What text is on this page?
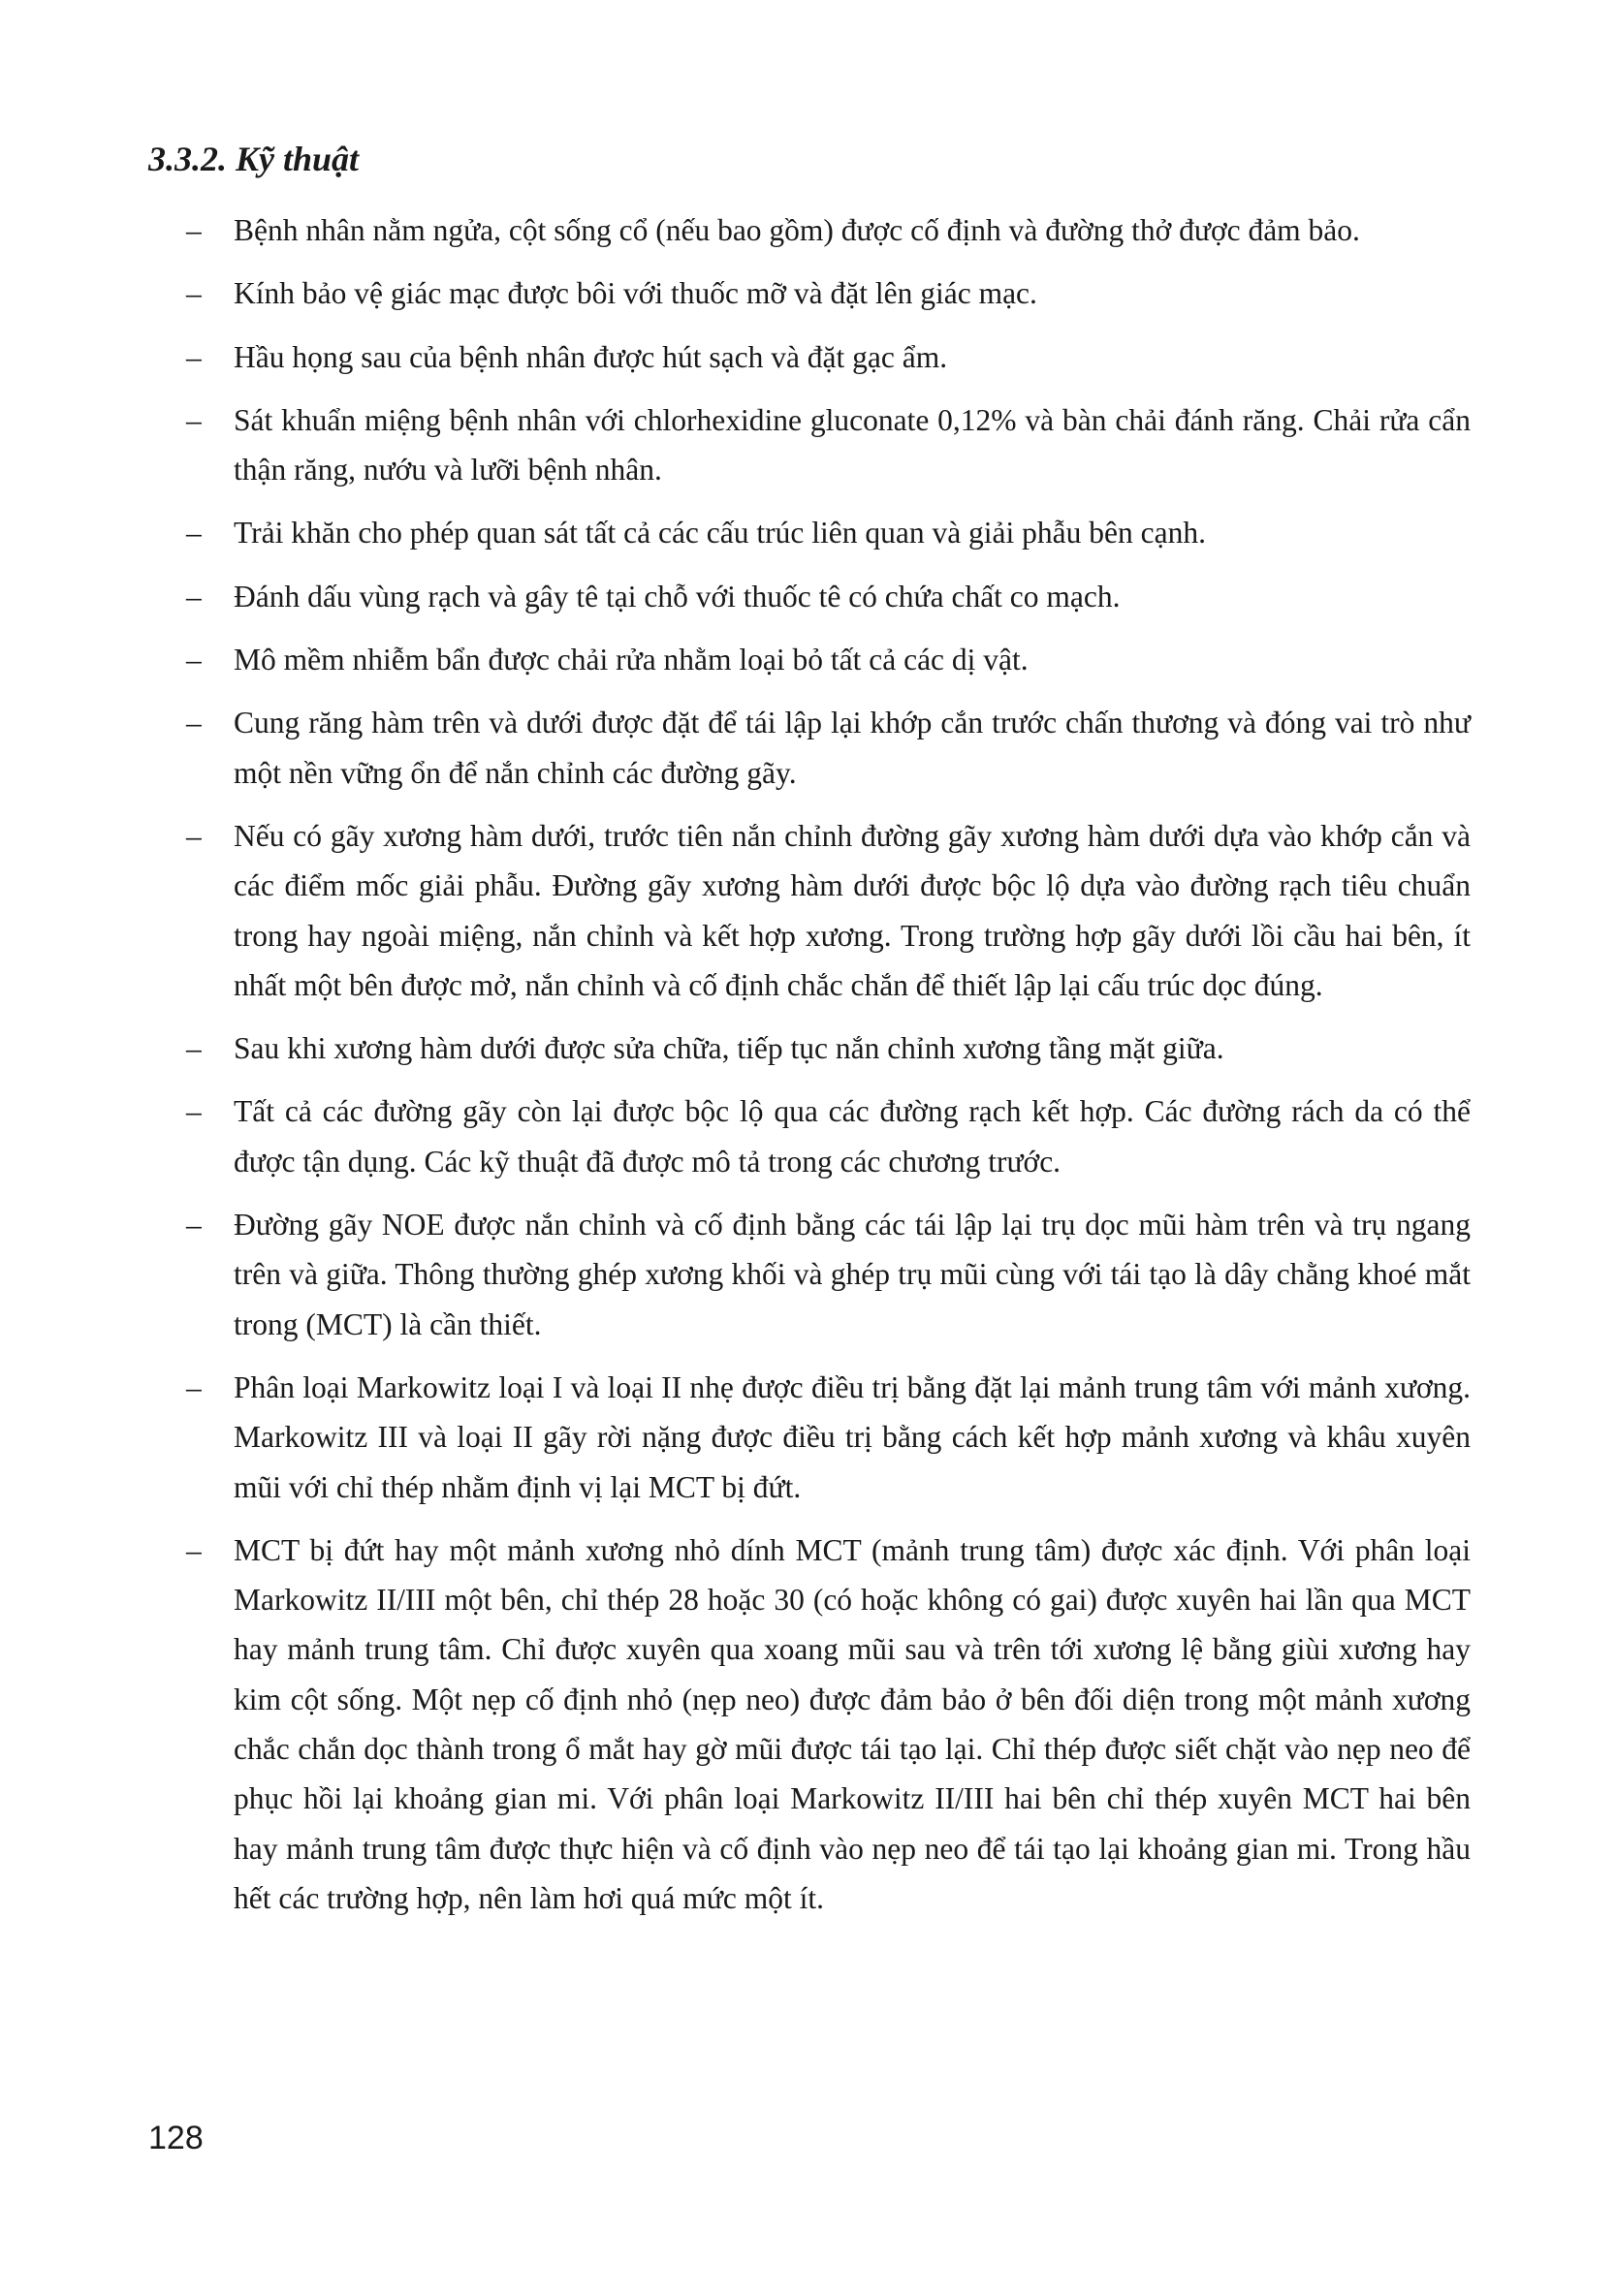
3.3.2. Kỹ thuật
–	Bệnh nhân nằm ngửa, cột sống cổ (nếu bao gồm) được cố định và đường thở được đảm bảo.
–	Kính bảo vệ giác mạc được bôi với thuốc mỡ và đặt lên giác mạc.
–	Hầu họng sau của bệnh nhân được hút sạch và đặt gạc ẩm.
–	Sát khuẩn miệng bệnh nhân với chlorhexidine gluconate 0,12% và bàn chải đánh răng. Chải rửa cẩn thận răng, nướu và lưỡi bệnh nhân.
–	Trải khăn cho phép quan sát tất cả các cấu trúc liên quan và giải phẫu bên cạnh.
–	Đánh dấu vùng rạch và gây tê tại chỗ với thuốc tê có chứa chất co mạch.
–	Mô mềm nhiễm bẩn được chải rửa nhằm loại bỏ tất cả các dị vật.
–	Cung răng hàm trên và dưới được đặt để tái lập lại khớp cắn trước chấn thương và đóng vai trò như một nền vững ổn để nắn chỉnh các đường gãy.
–	Nếu có gãy xương hàm dưới, trước tiên nắn chỉnh đường gãy xương hàm dưới dựa vào khớp cắn và các điểm mốc giải phẫu. Đường gãy xương hàm dưới được bộc lộ dựa vào đường rạch tiêu chuẩn trong hay ngoài miệng, nắn chỉnh và kết hợp xương. Trong trường hợp gãy dưới lồi cầu hai bên, ít nhất một bên được mở, nắn chỉnh và cố định chắc chắn để thiết lập lại cấu trúc dọc đúng.
–	Sau khi xương hàm dưới được sửa chữa, tiếp tục nắn chỉnh xương tầng mặt giữa.
–	Tất cả các đường gãy còn lại được bộc lộ qua các đường rạch kết hợp. Các đường rách da có thể được tận dụng. Các kỹ thuật đã được mô tả trong các chương trước.
–	Đường gãy NOE được nắn chỉnh và cố định bằng các tái lập lại trụ dọc mũi hàm trên và trụ ngang trên và giữa. Thông thường ghép xương khối và ghép trụ mũi cùng với tái tạo là dây chằng khoé mắt trong (MCT) là cần thiết.
–	Phân loại Markowitz loại I và loại II nhẹ được điều trị bằng đặt lại mảnh trung tâm với mảnh xương. Markowitz III và loại II gãy rời nặng được điều trị bằng cách kết hợp mảnh xương và khâu xuyên mũi với chỉ thép nhằm định vị lại MCT bị đứt.
–	MCT bị đứt hay một mảnh xương nhỏ dính MCT (mảnh trung tâm) được xác định. Với phân loại Markowitz II/III một bên, chỉ thép 28 hoặc 30 (có hoặc không có gai) được xuyên hai lần qua MCT hay mảnh trung tâm. Chỉ được xuyên qua xoang mũi sau và trên tới xương lệ bằng giùi xương hay kim cột sống. Một nẹp cố định nhỏ (nẹp neo) được đảm bảo ở bên đối diện trong một mảnh xương chắc chắn dọc thành trong ổ mắt hay gờ mũi được tái tạo lại. Chỉ thép được siết chặt vào nẹp neo để phục hồi lại khoảng gian mi. Với phân loại Markowitz II/III hai bên chỉ thép xuyên MCT hai bên hay mảnh trung tâm được thực hiện và cố định vào nẹp neo để tái tạo lại khoảng gian mi. Trong hầu hết các trường hợp, nên làm hơi quá mức một ít.
128
